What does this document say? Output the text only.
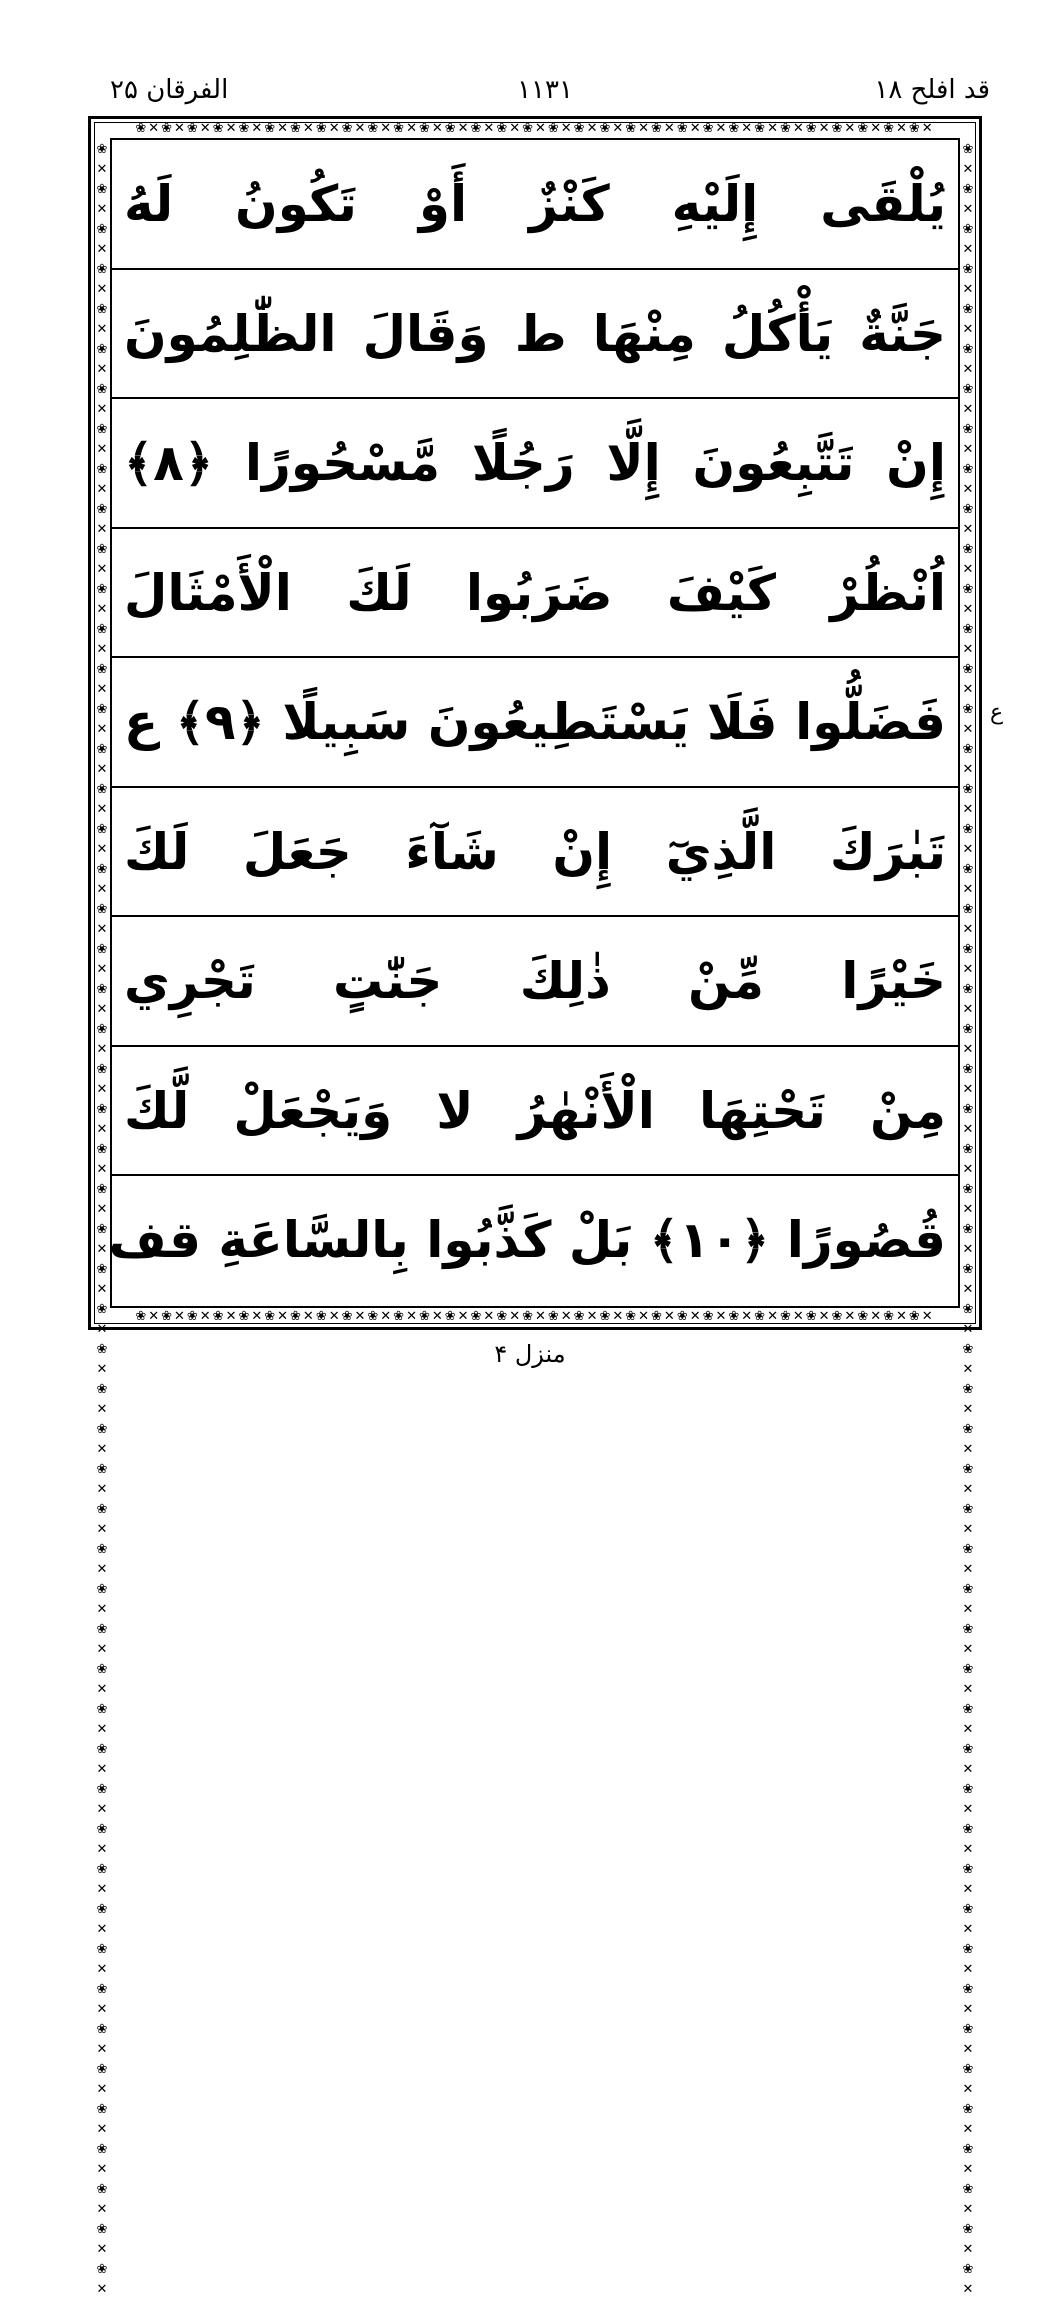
الفرقان ۲۵	۱۱۳۱	قد افلح ۱۸
❀✕❀✕❀✕❀✕❀✕❀✕❀✕❀✕❀✕❀✕❀✕❀✕❀✕❀✕❀✕❀✕❀✕❀✕❀✕❀✕❀✕❀✕❀✕❀✕❀✕❀✕❀✕❀✕❀✕❀✕❀✕
❀✕❀✕❀✕❀✕❀✕❀✕❀✕❀✕❀✕❀✕❀✕❀✕❀✕❀✕❀✕❀✕❀✕❀✕❀✕❀✕❀✕❀✕❀✕❀✕❀✕❀✕❀✕❀✕❀✕❀✕❀✕
❀✕❀✕❀✕❀✕❀✕❀✕❀✕❀✕❀✕❀✕❀✕❀✕❀✕❀✕❀✕❀✕❀✕❀✕❀✕❀✕❀✕❀✕❀✕❀✕❀✕❀✕❀✕❀✕❀✕❀✕❀✕❀✕❀✕❀✕❀✕❀✕❀✕❀✕❀✕❀✕❀✕❀✕❀✕❀✕❀✕❀✕❀✕❀✕❀✕❀✕❀✕❀✕❀✕❀✕
❀✕❀✕❀✕❀✕❀✕❀✕❀✕❀✕❀✕❀✕❀✕❀✕❀✕❀✕❀✕❀✕❀✕❀✕❀✕❀✕❀✕❀✕❀✕❀✕❀✕❀✕❀✕❀✕❀✕❀✕❀✕❀✕❀✕❀✕❀✕❀✕❀✕❀✕❀✕❀✕❀✕❀✕❀✕❀✕❀✕❀✕❀✕❀✕❀✕❀✕❀✕❀✕❀✕❀✕
يُلْقَى إِلَيْهِ كَنْزٌ أَوْ تَكُونُ لَهُ
جَنَّةٌ يَأْكُلُ مِنْهَا ط وَقَالَ الظّٰلِمُونَ
إِنْ تَتَّبِعُونَ إِلَّا رَجُلًا مَّسْحُورًا ﴿٨﴾
اُنْظُرْ كَيْفَ ضَرَبُوا لَكَ الْأَمْثَالَ
فَضَلُّوا فَلَا يَسْتَطِيعُونَ سَبِيلًا ﴿٩﴾ ع
تَبٰرَكَ الَّذِيٓ إِنْ شَآءَ جَعَلَ لَكَ
خَيْرًا مِّنْ ذٰلِكَ جَنّٰتٍ تَجْرِي
مِنْ تَحْتِهَا الْأَنْهٰرُ لا وَيَجْعَلْ لَّكَ
قُصُورًا ﴿١٠﴾ بَلْ كَذَّبُوا بِالسَّاعَةِ قف
ع
منزل ۴
